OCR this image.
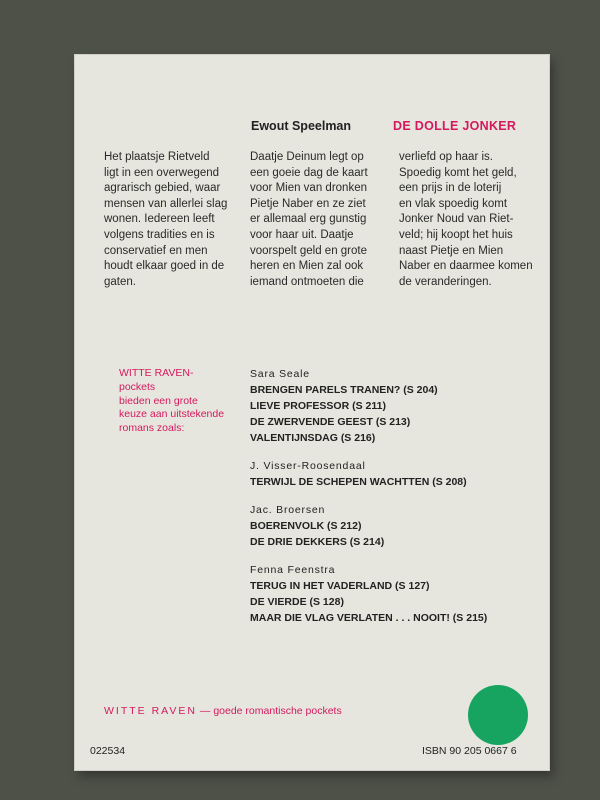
Ewout Speelman	DE DOLLE JONKER
Het plaatsje Rietveld
ligt in een overwegend
agrarisch gebied, waar
mensen van allerlei slag
wonen. Iedereen leeft
volgens tradities en is
conservatief en men
houdt elkaar goed in de
gaten.
Daatje Deinum legt op
een goeie dag de kaart
voor Mien van dronken
Pietje Naber en ze ziet
er allemaal erg gunstig
voor haar uit. Daatje
voorspelt geld en grote
heren en Mien zal ook
iemand ontmoeten die
verliefd op haar is.
Spoedig komt het geld,
een prijs in de loterij
en vlak spoedig komt
Jonker Noud van Riet-
veld; hij koopt het huis
naast Pietje en Mien
Naber en daarmee komen
de veranderingen.
WITTE RAVEN-pockets
bieden een grote
keuze aan uitstekende
romans zoals:
Sara Seale
BRENGEN PARELS TRANEN? (S 204)
LIEVE PROFESSOR (S 211)
DE ZWERVENDE GEEST (S 213)
VALENTIJNSDAG (S 216)
J. Visser-Roosendaal
TERWIJL DE SCHEPEN WACHTTEN (S 208)
Jac. Broersen
BOERENVOLK (S 212)
DE DRIE DEKKERS (S 214)
Fenna Feenstra
TERUG IN HET VADERLAND (S 127)
DE VIERDE (S 128)
MAAR DIE VLAG VERLATEN . . . NOOIT! (S 215)
WITTE RAVEN — goede romantische pockets
022534	ISBN 90 205 0667 6
